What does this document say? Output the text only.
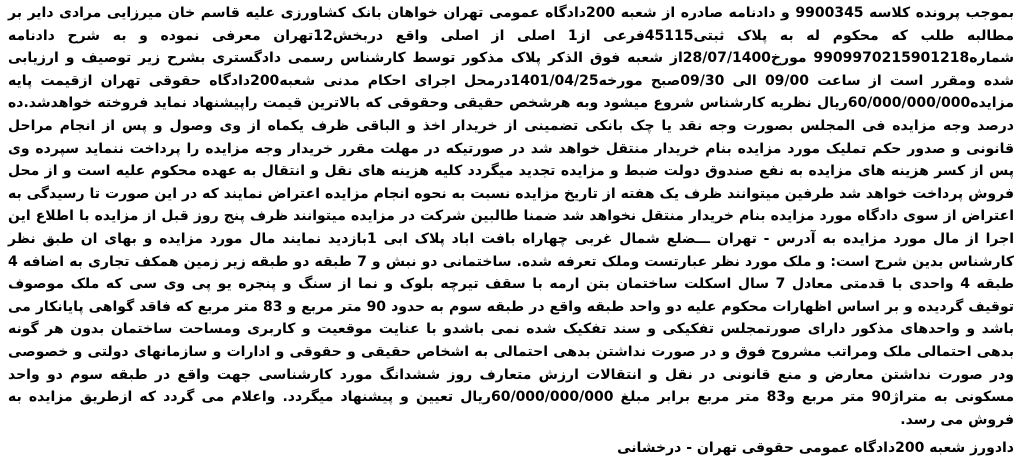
بموجب پرونده کلاسه 9900345 و دادنامه صادره از شعبه 200دادگاه عمومی تهران خواهان بانک کشاورزی علیه قاسم خان میرزایی مرادی دایر بر مطالبه طلب که محکوم له به پلاک ثبتی45115فرعی از1 اصلی از اصلی واقع دربخش12تهران معرفی نموده و به شرح دادنامه شماره9909970215901218 مورخ28/07/1400از شعبه فوق الذکر پلاک مذکور توسط کارشناس رسمی دادگستری بشرح زیر توصیف و ارزیابی شده ومقرر است از ساعت 09/00 الی 09/30صبح مورخه1401/04/25درمحل اجرای احکام مدنی شعبه200دادگاه حقوقی تهران ازقیمت پایه مزایده60/000/000/000ریال نظریه کارشناس شروع میشود وبه هرشخص حقیقی وحقوقی که بالاترین قیمت راپیشنهاد نماید فروخته خواهدشد.ده درصد وجه مزایده فی المجلس بصورت وجه نقد یا چک بانکی تضمینی از خریدار اخذ و الباقی ظرف یکماه از وی وصول و پس از انجام مراحل قانونی و صدور حکم تملیک مورد مزایده بنام خریدار منتقل خواهد شد در صورتیکه در مهلت مقرر خریدار وجه مزایده را پرداخت ننماید سپرده وی پس از کسر هزینه های مزایده به نفع صندوق دولت ضبط و مزایده تجدید میگردد کلیه هزینه های نقل و انتقال به عهده محکوم علیه است و از محل فروش پرداخت خواهد شد طرفین میتوانند ظرف یک هفته از تاریخ مزایده نسبت به نحوه انجام مزایده اعتراض نمایند که در این صورت تا رسیدگی به اعتراض از سوی دادگاه مورد مزایده بنام خریدار منتقل نخواهد شد ضمنا طالبین شرکت در مزایده میتوانند ظرف پنج روز قبل از مزایده با اطلاع این اجرا از مال مورد مزایده به آدرس - تهران ـــضلع شمال غربی چهاراه بافت اباد پلاک ابی 1بازدید نمایند مال مورد مزایده و بهای ان طبق نظر کارشناس بدین شرح است: و ملک مورد نظر عبارتست وملک تعرفه شده. ساختمانی دو نبش و 7 طبقه دو طبقه زیر زمین همکف تجاری به اضافه 4 طبقه 4 واحدی با قدمتی معادل 7 سال اسکلت ساختمان بتن ارمه با سقف تیرچه بلوک و نما از سنگ و پنجره یو پی وی سی که ملک موصوف توقیف گردیده و بر اساس اظهارات محکوم علیه دو واحد طبقه واقع در طبقه سوم به حدود 90 متر مربع و 83 متر مربع که فاقد گواهی پایانکار می باشد و واحدهای مذکور دارای صورتمجلس تفکیکی و سند تفکیک شده نمی باشدو با عنایت موقعیت و کاربری ومساحت ساختمان بدون هر گونه بدهی احتمالی ملک ومراتب مشروح فوق و در صورت نداشتن بدهی احتمالی به اشخاص حقیقی و حقوقی و ادارات و سازمانهای دولتی و خصوصی ودر صورت نداشتن معارض و منع قانونی در نقل و انتقالات ارزش متعارف روز ششدانگ مورد کارشناسی جهت واقع در طبقه سوم دو واحد مسکونی به متراژ90 متر مربع و83 متر مربع برابر مبلغ 60/000/000/000ریال تعیین و پیشنهاد میگردد. واعلام می گردد که ازطریق مزایده به فروش می رسد.

دادورز شعبه 200دادگاه عمومی حقوقی تهران - درخشانی
